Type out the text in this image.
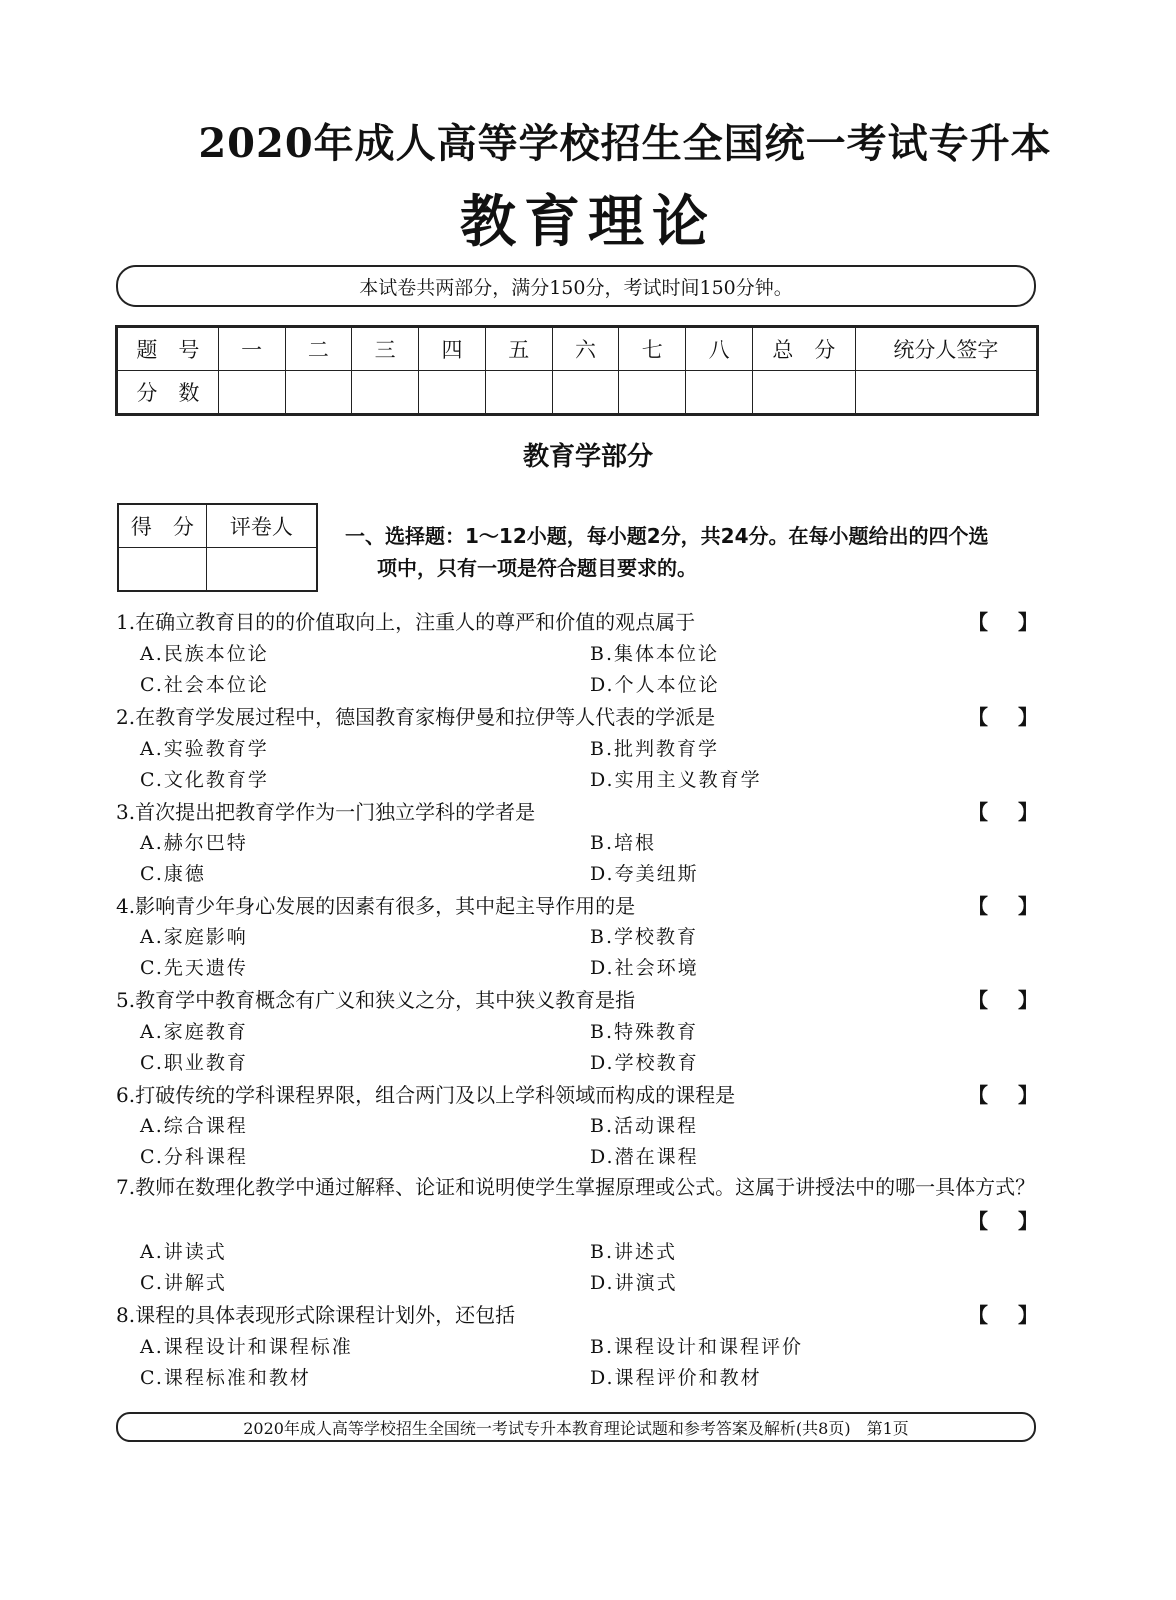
2020年成人高等学校招生全国统一考试专升本
教育理论
本试卷共两部分，满分150分，考试时间150分钟。
题　号	一	二	三	四	五	六	七	八	总　分	统分人签字
分　数										
教育学部分
得　分	评卷人
		一、选择题：1～12小题，每小题2分，共24分。在每小题给出的四个选
项中，只有一项是符合题目要求的。
1.在确立教育目的的价值取向上，注重人的尊严和价值的观点属于	【 】
A.民族本位论	B.集体本位论
C.社会本位论	D.个人本位论
2.在教育学发展过程中，德国教育家梅伊曼和拉伊等人代表的学派是	【 】
A.实验教育学	B.批判教育学
C.文化教育学	D.实用主义教育学
3.首次提出把教育学作为一门独立学科的学者是	【 】
A.赫尔巴特	B.培根
C.康德	D.夸美纽斯
4.影响青少年身心发展的因素有很多，其中起主导作用的是	【 】
A.家庭影响	B.学校教育
C.先天遗传	D.社会环境
5.教育学中教育概念有广义和狭义之分，其中狭义教育是指	【 】
A.家庭教育	B.特殊教育
C.职业教育	D.学校教育
6.打破传统的学科课程界限，组合两门及以上学科领域而构成的课程是	【 】
A.综合课程	B.活动课程
C.分科课程	D.潜在课程
7.教师在数理化教学中通过解释、论证和说明使学生掌握原理或公式。这属于讲授法中的哪一具体方式？
【 】
A.讲读式	B.讲述式
C.讲解式	D.讲演式
8.课程的具体表现形式除课程计划外，还包括	【 】
A.课程设计和课程标准	B.课程设计和课程评价
C.课程标准和教材	D.课程评价和教材
2020年成人高等学校招生全国统一考试专升本教育理论试题和参考答案及解析(共8页)　第1页
